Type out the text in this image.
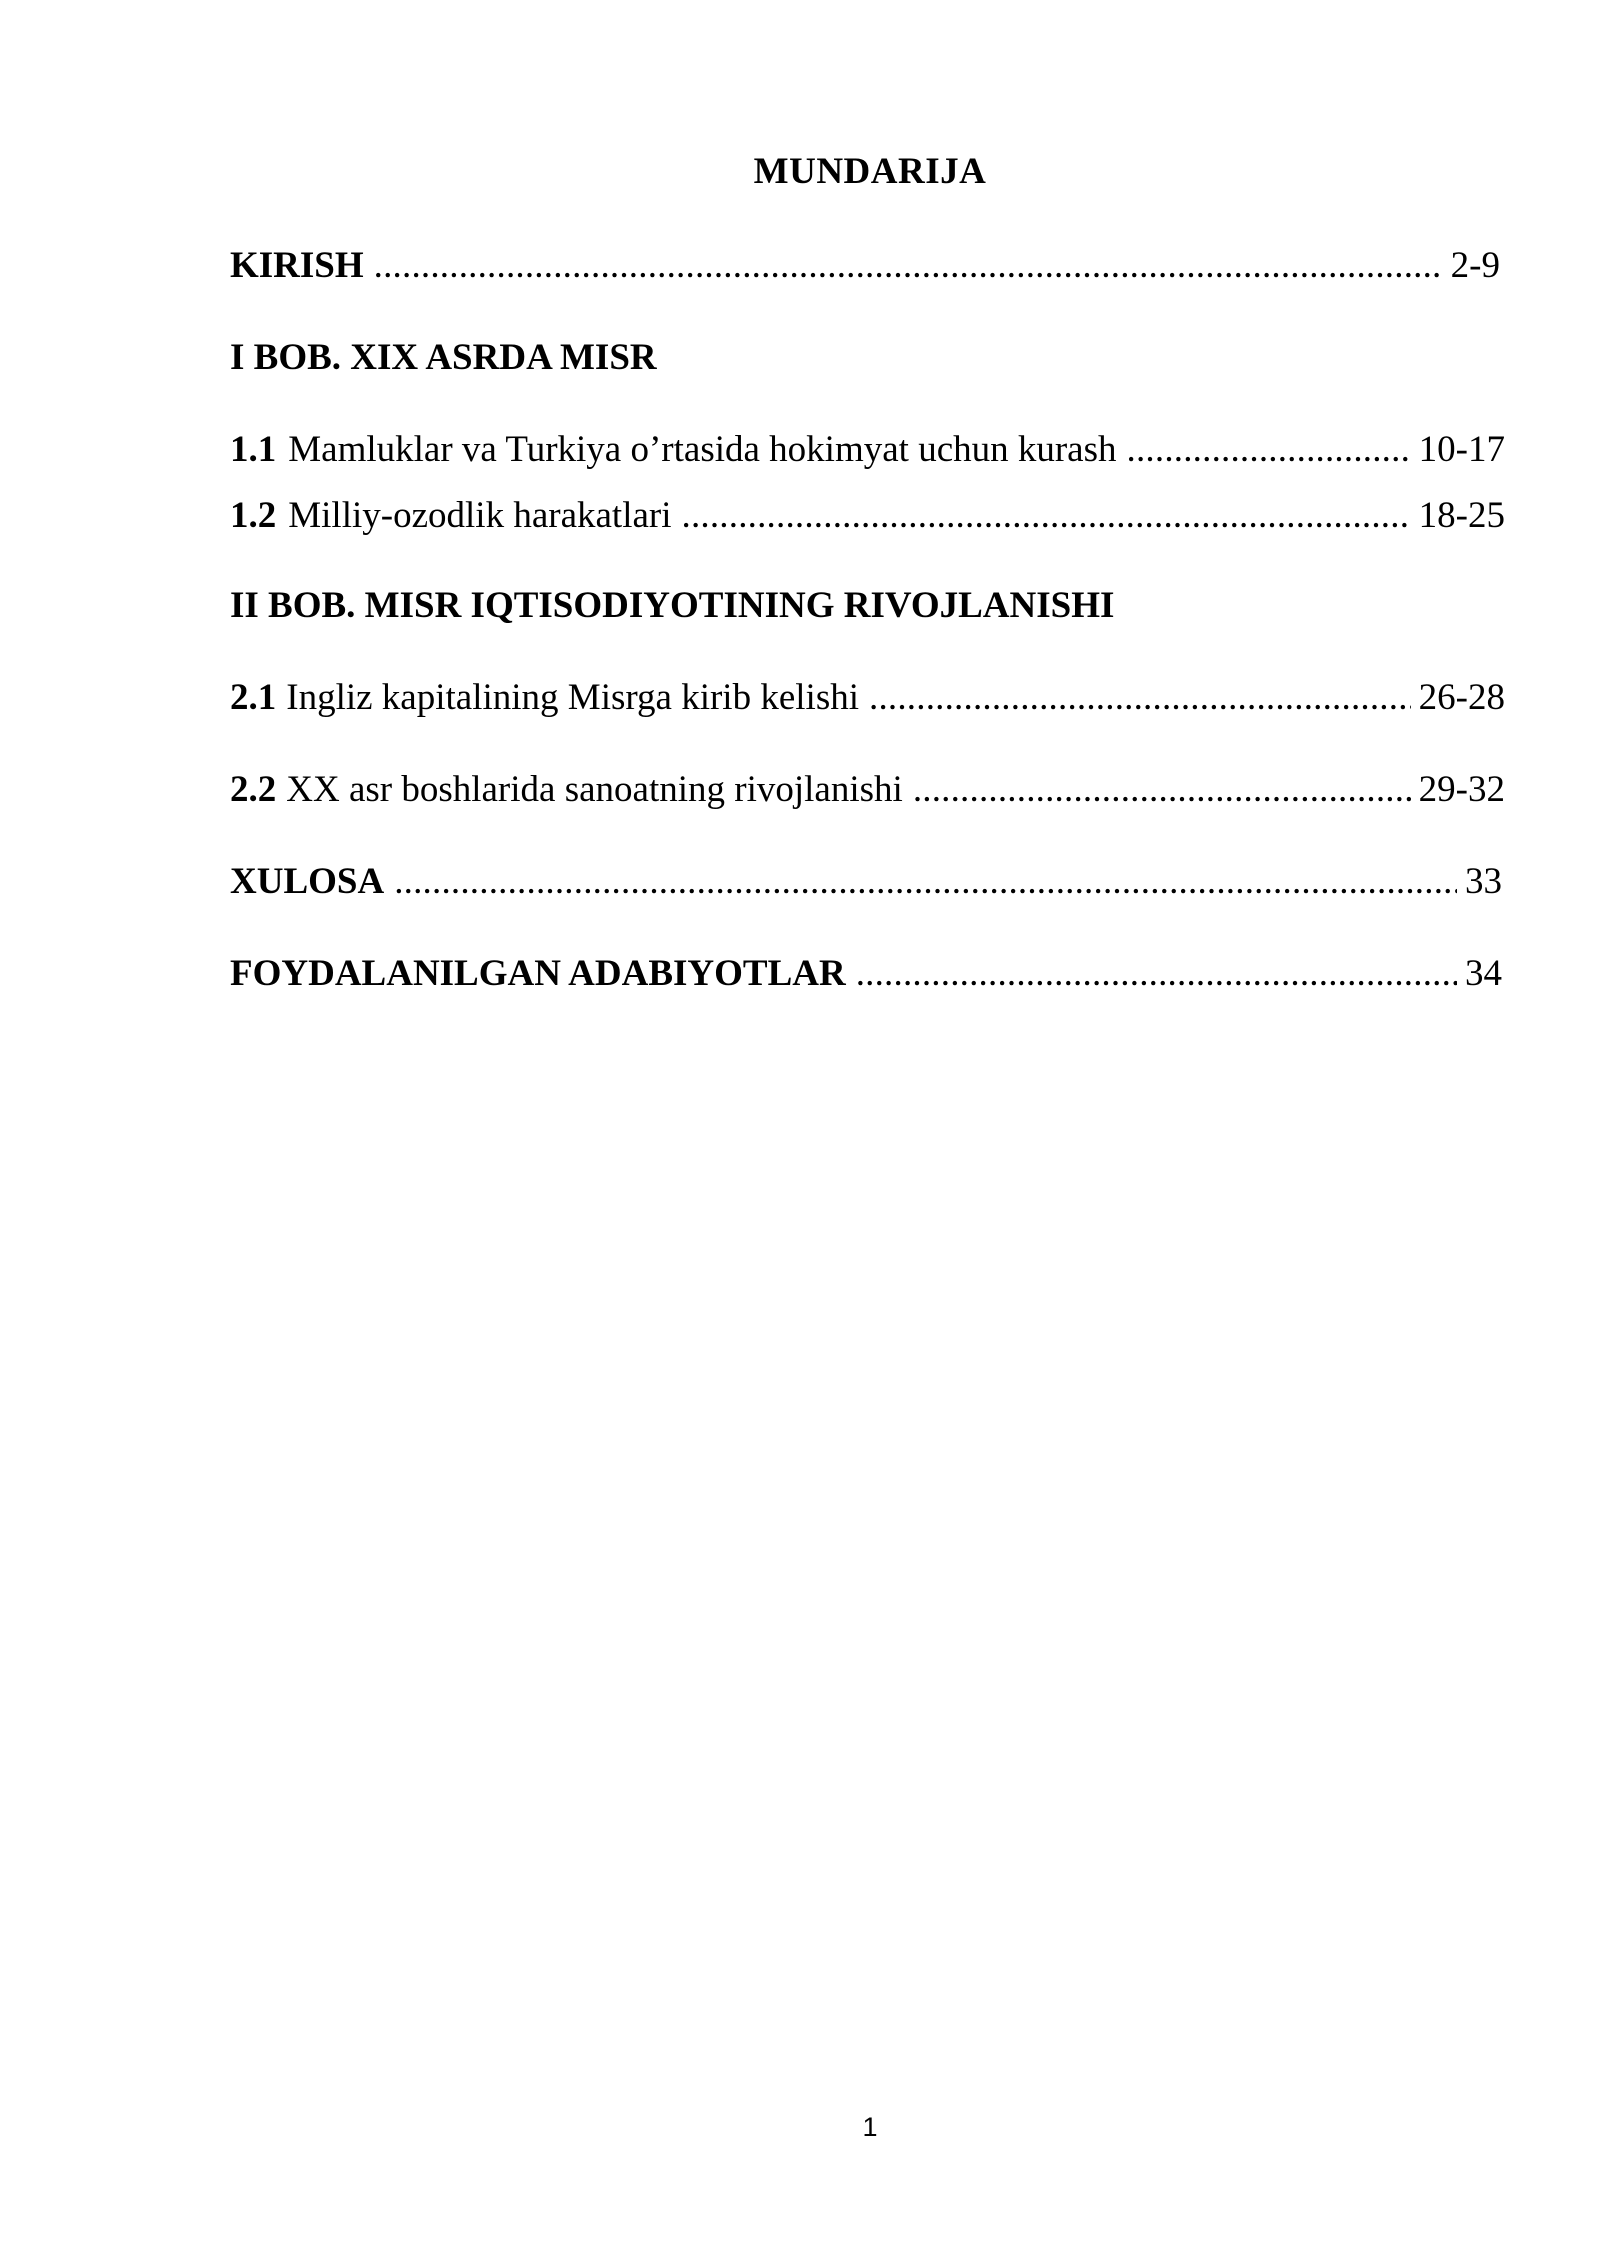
MUNDARIJA
KIRISH .....	2-9
I BOB. XIX ASRDA MISR
1.1 Mamluklar va Turkiya o’rtasida hokimyat uchun kurash .....	10-17
1.2 Milliy-ozodlik harakatlari .....	18-25
II BOB. MISR IQTISODIYOTINING RIVOJLANISHI
2.1 Ingliz kapitalining Misrga kirib kelishi .....	26-28
2.2 XX asr boshlarida sanoatning rivojlanishi .....	29-32
XULOSA .....	33
FOYDALANILGAN ADABIYOTLAR .....	34
1
